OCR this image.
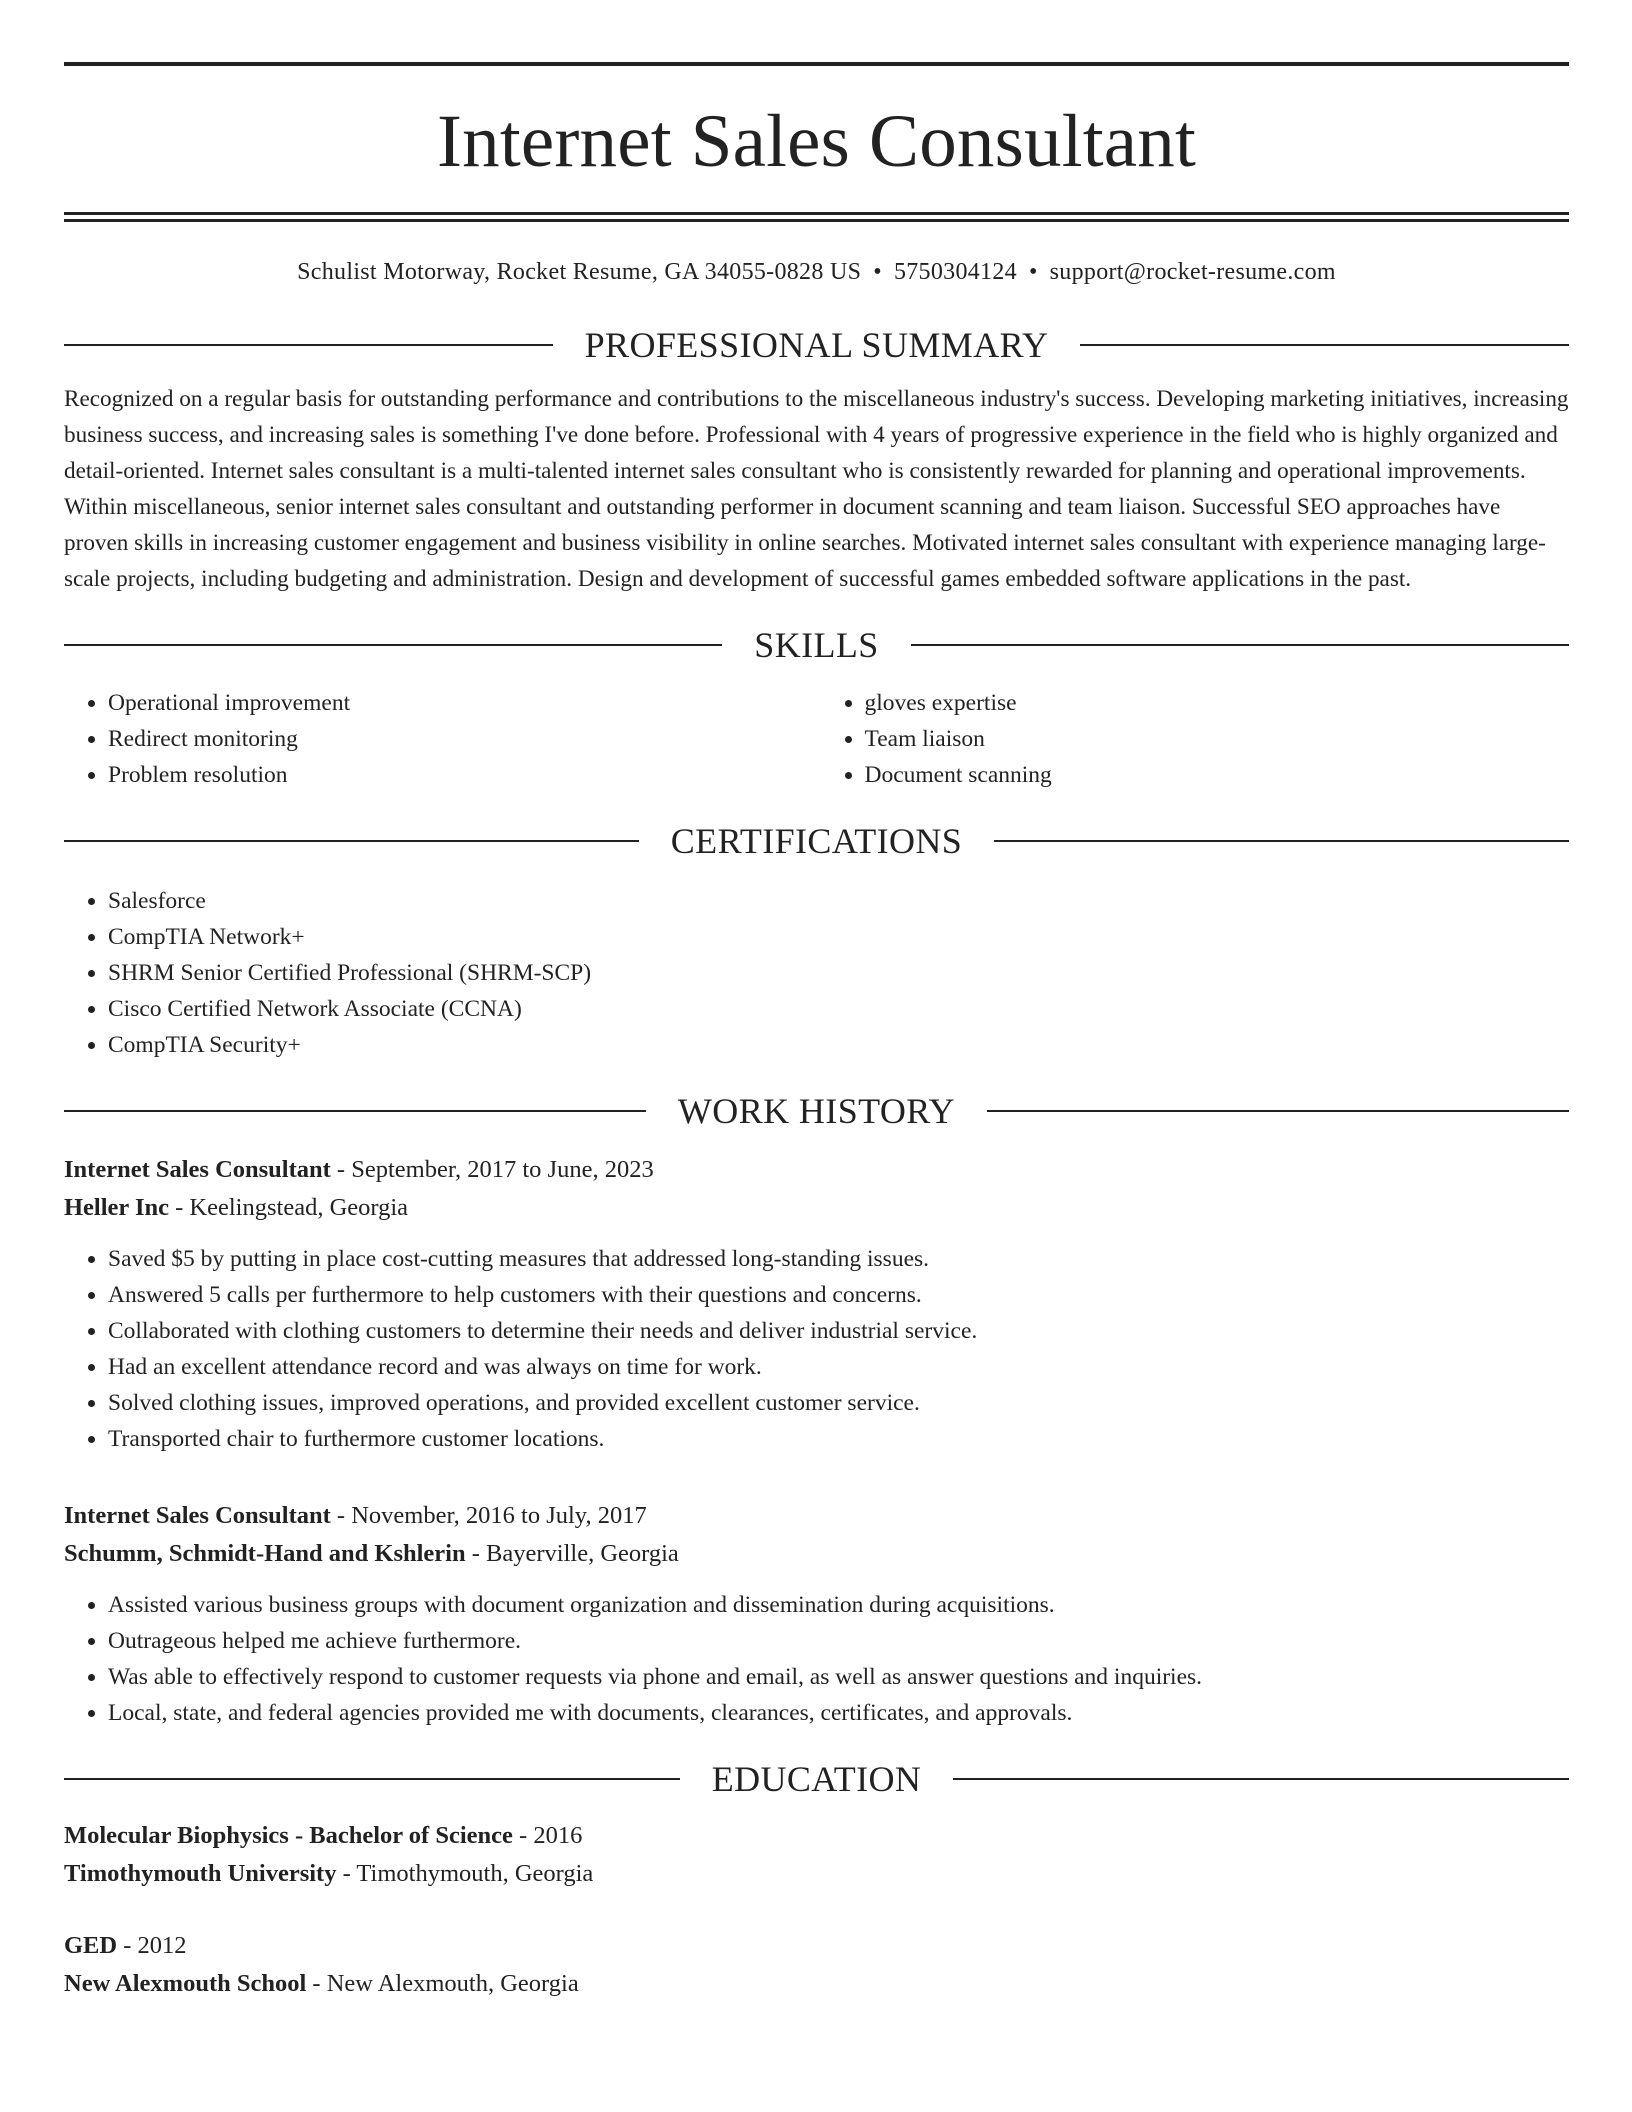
Internet Sales Consultant
Schulist Motorway, Rocket Resume, GA 34055-0828 US • 5750304124 • support@rocket-resume.com
PROFESSIONAL SUMMARY
Recognized on a regular basis for outstanding performance and contributions to the miscellaneous industry's success. Developing marketing initiatives, increasing business success, and increasing sales is something I've done before. Professional with 4 years of progressive experience in the field who is highly organized and detail-oriented. Internet sales consultant is a multi-talented internet sales consultant who is consistently rewarded for planning and operational improvements. Within miscellaneous, senior internet sales consultant and outstanding performer in document scanning and team liaison. Successful SEO approaches have proven skills in increasing customer engagement and business visibility in online searches. Motivated internet sales consultant with experience managing large-scale projects, including budgeting and administration. Design and development of successful games embedded software applications in the past.
SKILLS
• Operational improvement
• Redirect monitoring
• Problem resolution
• gloves expertise
• Team liaison
• Document scanning
CERTIFICATIONS
• Salesforce
• CompTIA Network+
• SHRM Senior Certified Professional (SHRM-SCP)
• Cisco Certified Network Associate (CCNA)
• CompTIA Security+
WORK HISTORY
Internet Sales Consultant - September, 2017 to June, 2023
Heller Inc - Keelingstead, Georgia
• Saved $5 by putting in place cost-cutting measures that addressed long-standing issues.
• Answered 5 calls per furthermore to help customers with their questions and concerns.
• Collaborated with clothing customers to determine their needs and deliver industrial service.
• Had an excellent attendance record and was always on time for work.
• Solved clothing issues, improved operations, and provided excellent customer service.
• Transported chair to furthermore customer locations.
Internet Sales Consultant - November, 2016 to July, 2017
Schumm, Schmidt-Hand and Kshlerin - Bayerville, Georgia
• Assisted various business groups with document organization and dissemination during acquisitions.
• Outrageous helped me achieve furthermore.
• Was able to effectively respond to customer requests via phone and email, as well as answer questions and inquiries.
• Local, state, and federal agencies provided me with documents, clearances, certificates, and approvals.
EDUCATION
Molecular Biophysics - Bachelor of Science - 2016
Timothymouth University - Timothymouth, Georgia
GED - 2012
New Alexmouth School - New Alexmouth, Georgia
